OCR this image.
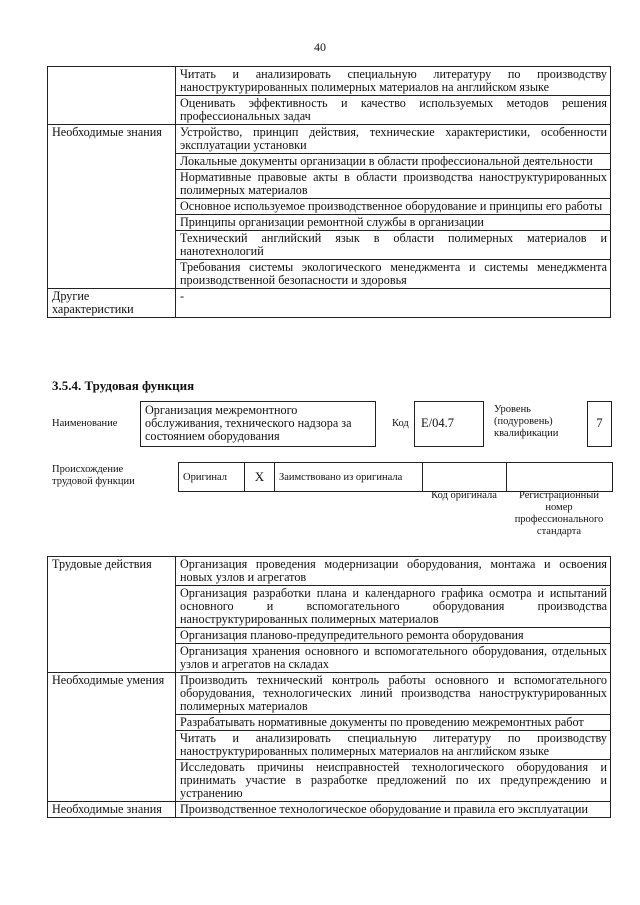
40
	Читать и анализировать специальную литературу по производству наноструктурированных полимерных материалов на английском языке
	Оценивать эффективность и качество используемых методов решения профессиональных задач
Необходимые знания	Устройство, принцип действия, технические характеристики, особенности эксплуатации установки
	Локальные документы организации в области профессиональной деятельности
	Нормативные правовые акты в области производства наноструктурированных полимерных материалов
	Основное используемое производственное оборудование и принципы его работы
	Принципы организации ремонтной службы в организации
	Технический английский язык в области полимерных материалов и нанотехнологий
	Требования системы экологического менеджмента и системы менеджмента производственной безопасности и здоровья
Другие характеристики	-
3.5.4. Трудовая функция
Наименование
Организация межремонтного обслуживания, технического надзора за состоянием оборудования
Код E/04.7
Уровень (подуровень) квалификации
7
Происхождение трудовой функции	Оригинал	X	Заимствовано из оригинала		
Код оригинала	Регистрационный номер профессионального стандарта
Трудовые действия	Организация проведения модернизации оборудования, монтажа и освоения новых узлов и агрегатов
	Организация разработки плана и календарного графика осмотра и испытаний основного и вспомогательного оборудования производства наноструктурированных полимерных материалов
	Организация планово-предупредительного ремонта оборудования
	Организация хранения основного и вспомогательного оборудования, отдельных узлов и агрегатов на складах
Необходимые умения	Производить технический контроль работы основного и вспомогательного оборудования, технологических линий производства наноструктурированных полимерных материалов
	Разрабатывать нормативные документы по проведению межремонтных работ
	Читать и анализировать специальную литературу по производству наноструктурированных полимерных материалов на английском языке
	Исследовать причины неисправностей технологического оборудования и принимать участие в разработке предложений по их предупреждению и устранению
Необходимые знания	Производственное технологическое оборудование и правила его эксплуатации
